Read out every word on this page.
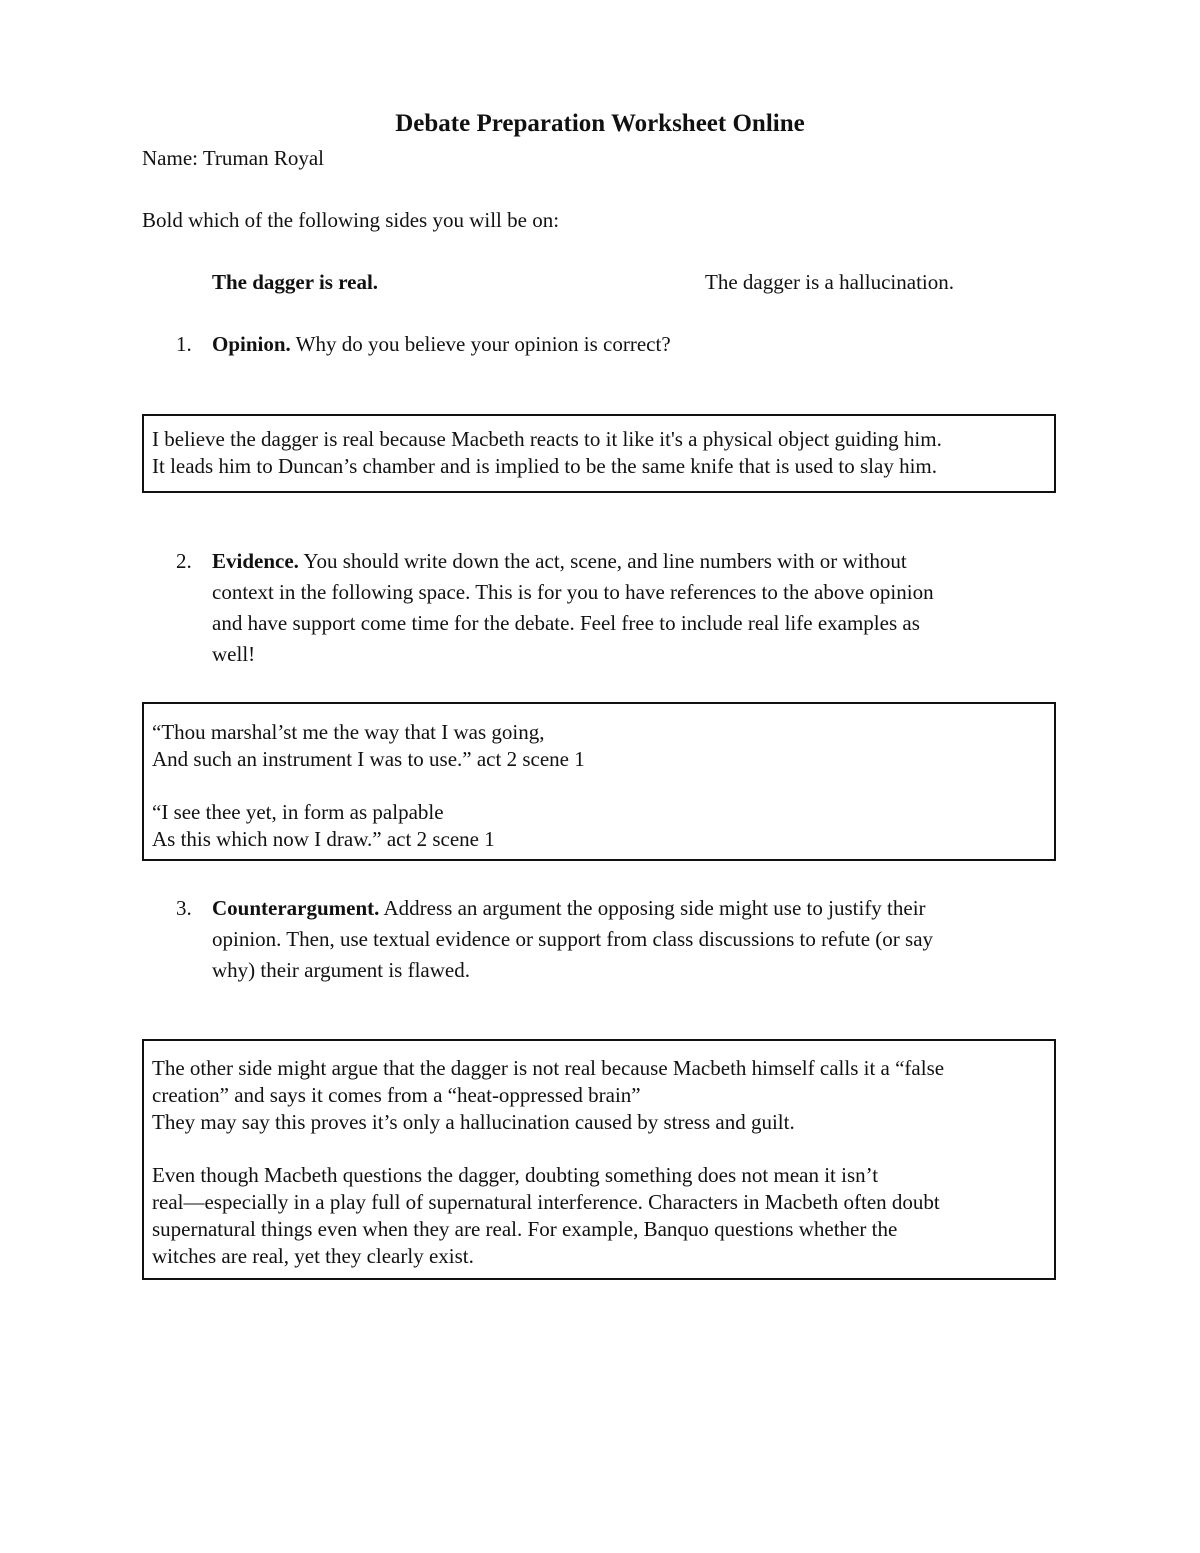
Debate Preparation Worksheet Online
Name: Truman Royal
Bold which of the following sides you will be on:
The dagger is real.	The dagger is a hallucination.
1. Opinion. Why do you believe your opinion is correct?

I believe the dagger is real because Macbeth reacts to it like it's a physical object guiding him.

It leads him to Duncan’s chamber and is implied to be the same knife that is used to slay him.

2. Evidence. You should write down the act, scene, and line numbers with or without
context in the following space. This is for you to have references to the above opinion
and have support come time for the debate. Feel free to include real life examples as
well!

“Thou marshal’st me the way that I was going,

And such an instrument I was to use.” act 2 scene 1

“I see thee yet, in form as palpable

As this which now I draw.” act 2 scene 1

3. Counterargument. Address an argument the opposing side might use to justify their
opinion. Then, use textual evidence or support from class discussions to refute (or say
why) their argument is flawed.

The other side might argue that the dagger is not real because Macbeth himself calls it a “false

creation” and says it comes from a “heat-oppressed brain”

They may say this proves it’s only a hallucination caused by stress and guilt.

Even though Macbeth questions the dagger, doubting something does not mean it isn’t

real—especially in a play full of supernatural interference. Characters in Macbeth often doubt

supernatural things even when they are real. For example, Banquo questions whether the

witches are real, yet they clearly exist.
